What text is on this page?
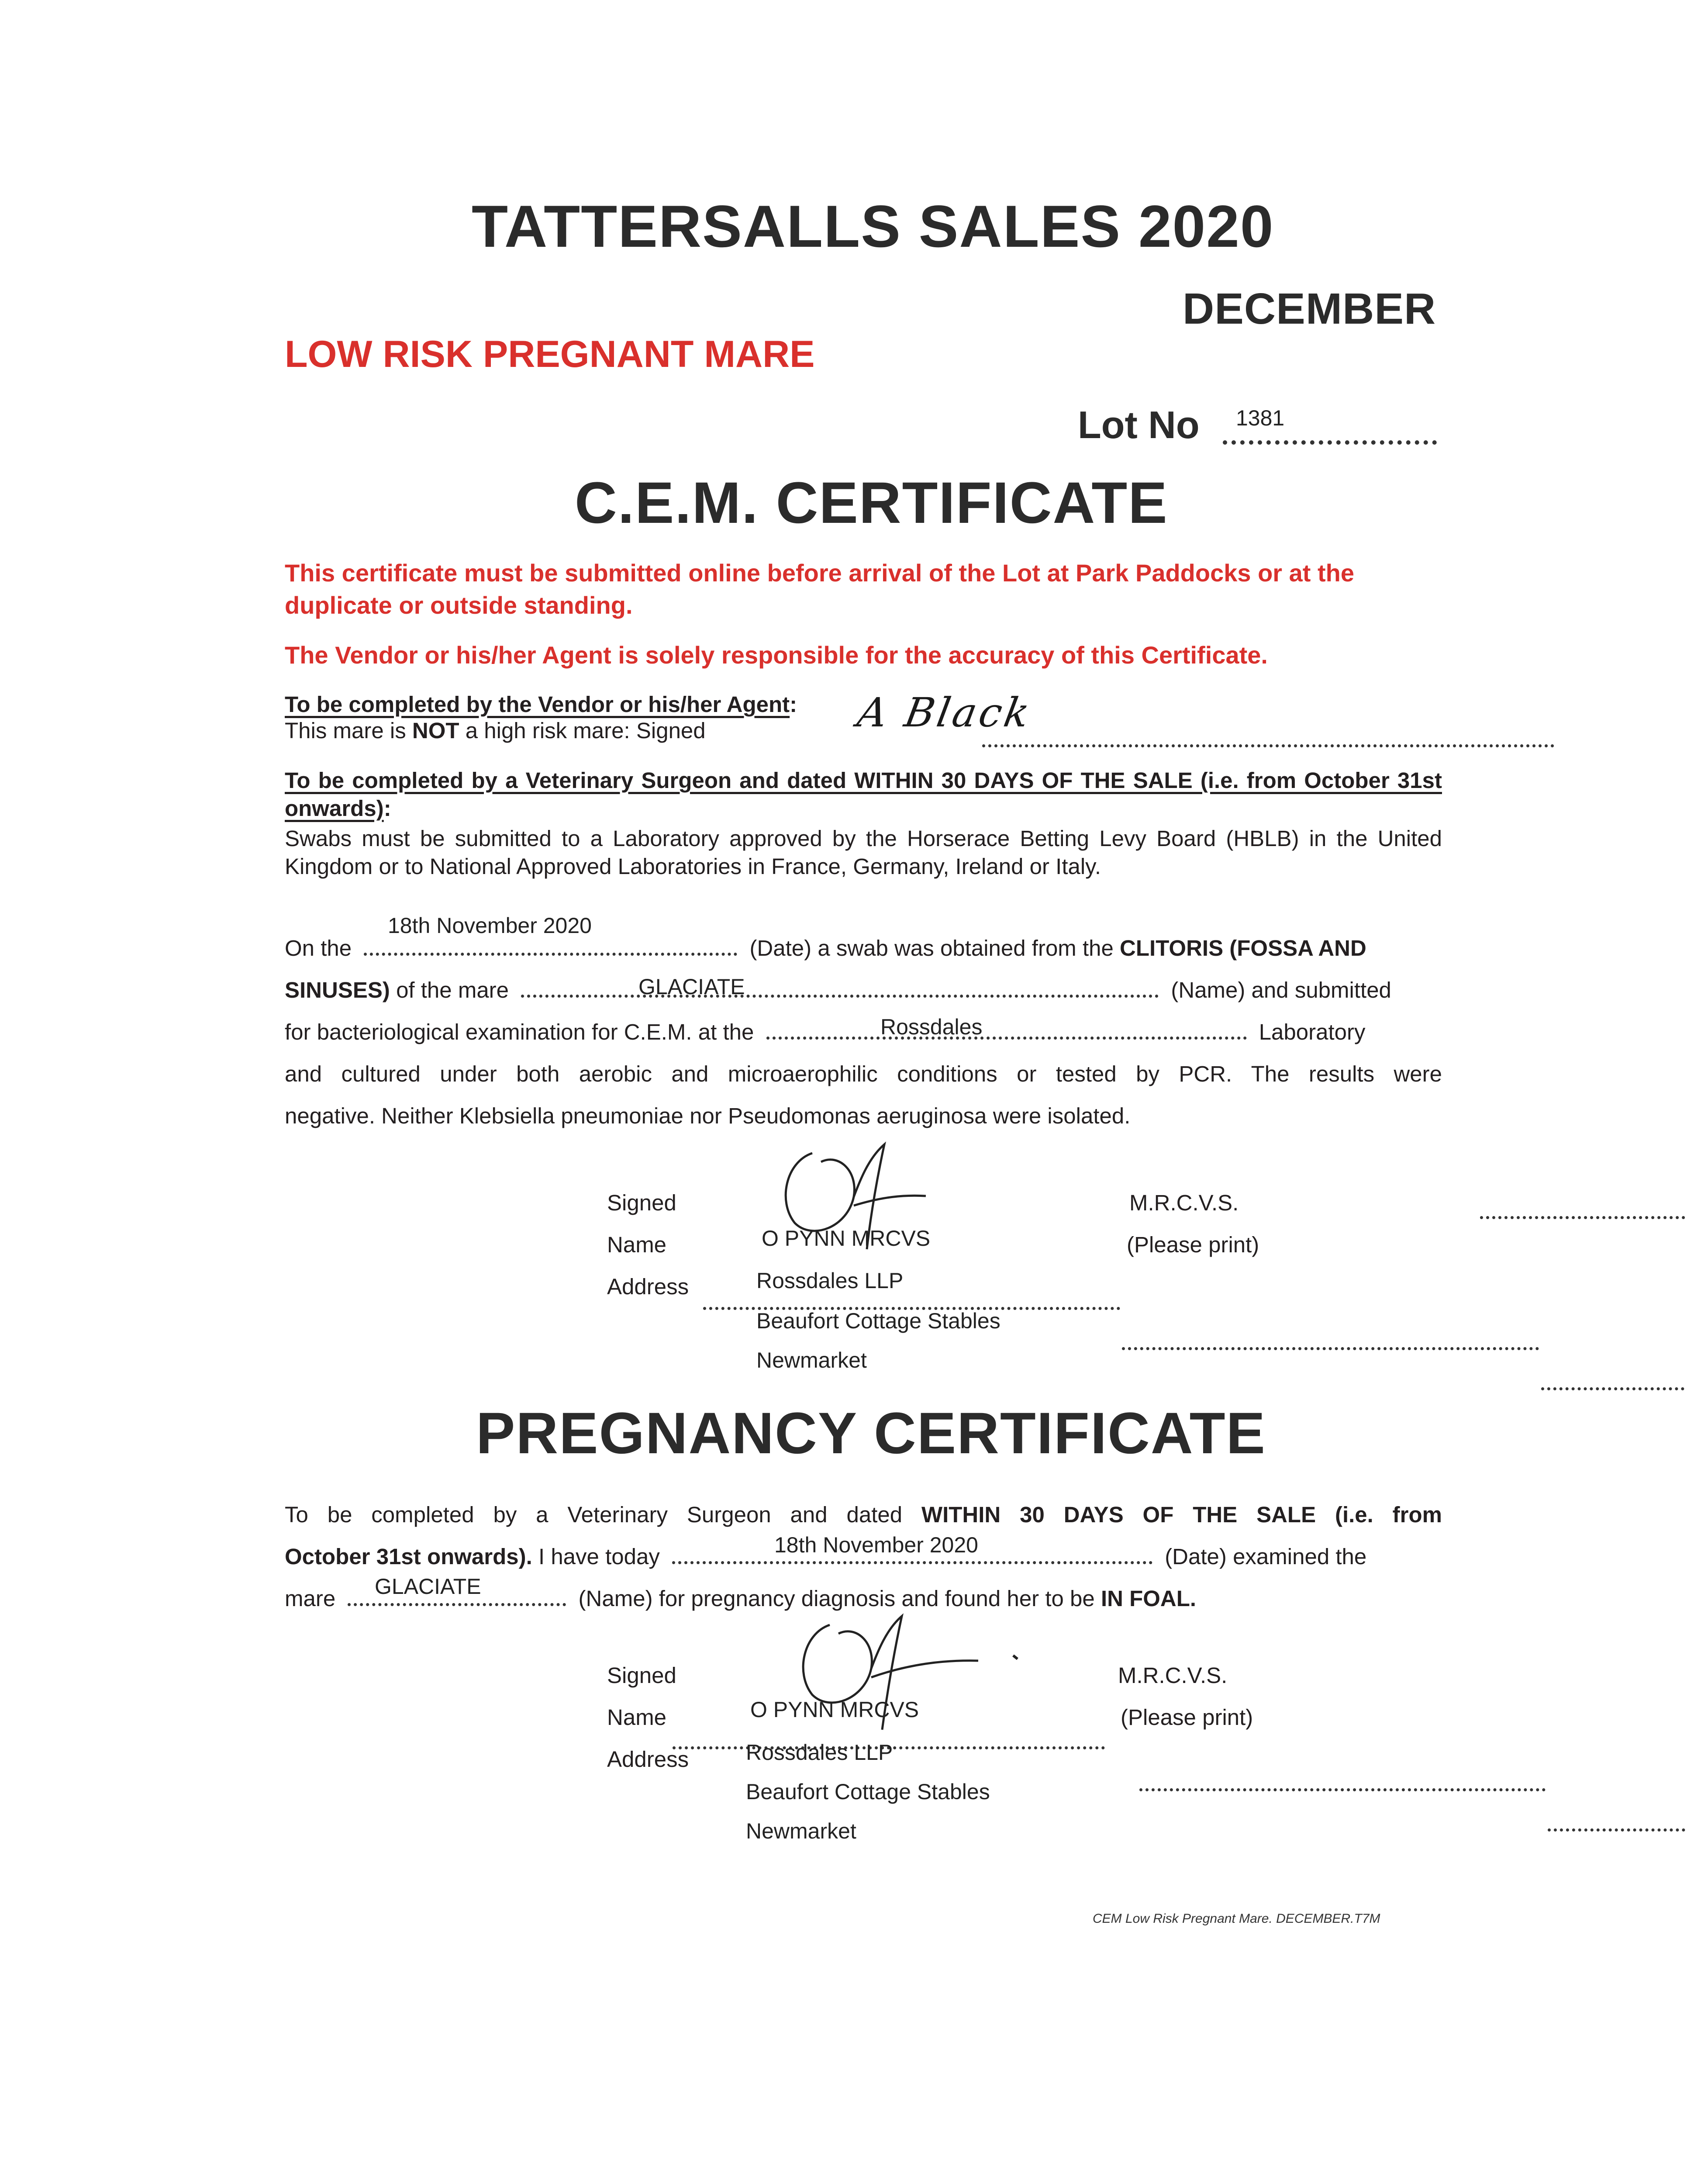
TATTERSALLS SALES 2020
DECEMBER
LOW RISK PREGNANT MARE
Lot No
1381
C.E.M. CERTIFICATE
This certificate must be submitted online before arrival of the Lot at Park Paddocks or at the duplicate or outside standing.
The Vendor or his/her Agent is solely responsible for the accuracy of this Certificate.
To be completed by the Vendor or his/her Agent:
This mare is NOT a high risk mare: Signed
	A Black
To be completed by a Veterinary Surgeon and dated WITHIN 30 DAYS OF THE SALE (i.e. from October 31st onwards):
Swabs must be submitted to a Laboratory approved by the Horserace Betting Levy Board (HBLB) in the United Kingdom or to National Approved Laboratories in France, Germany, Ireland or Italy.
18th November 2020
On the	(Date) a swab was obtained from the CLITORIS (FOSSA AND
GLACIATE
SINUSES) of the mare	(Name) and submitted
Rossdales
for bacteriological examination for C.E.M. at the	Laboratory
and cultured under both aerobic and microaerophilic conditions or tested by PCR. The results were
negative. Neither Klebsiella pneumoniae nor Pseudomonas aeruginosa were isolated.
Signed
	M.R.C.V.S.
Name
	O PYNN MRCVS	(Please print)
Address
	Rossdales LLP

Beaufort Cottage Stables

Newmarket
PREGNANCY CERTIFICATE
To be completed by a Veterinary Surgeon and dated WITHIN 30 DAYS OF THE SALE (i.e. from
18th November 2020
October 31st onwards). I have today	(Date) examined the
GLACIATE
mare	(Name) for pregnancy diagnosis and found her to be IN FOAL.
Signed
	M.R.C.V.S.
Name
	O PYNN MRCVS	(Please print)
Address
	Rossdales LLP

Beaufort Cottage Stables
Newmarket
CEM Low Risk Pregnant Mare. DECEMBER.T7M
